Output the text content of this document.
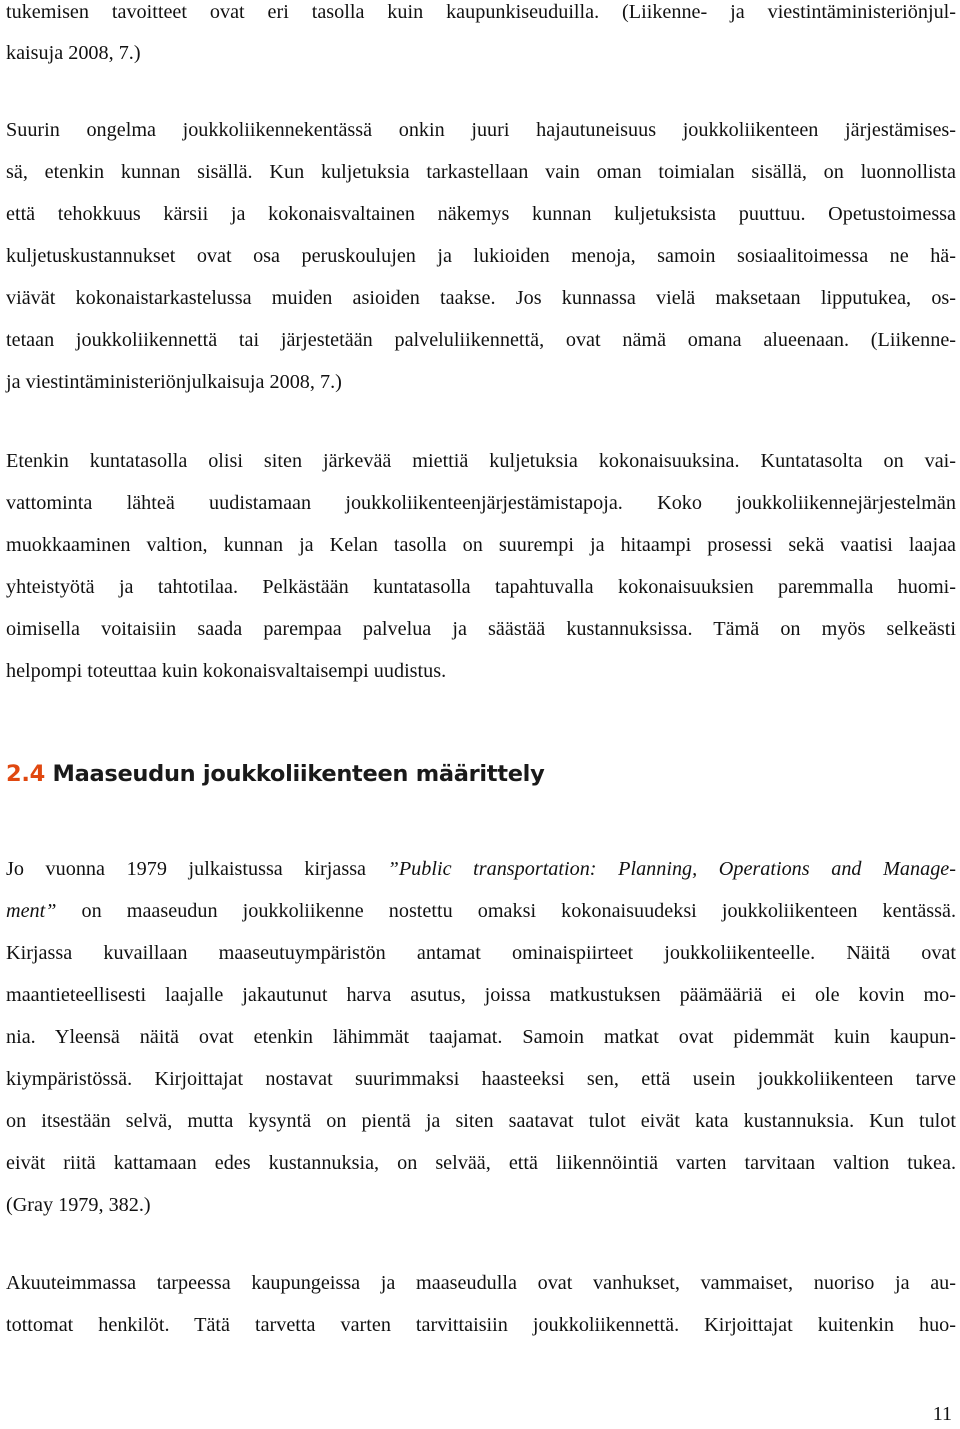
tukemisen tavoitteet ovat eri tasolla kuin kaupunkiseuduilla. (Liikenne- ja viestintäministeriönjul-
kaisuja 2008, 7.)
Suurin ongelma joukkoliikennekentässä onkin juuri hajautuneisuus joukkoliikenteen järjestämises-
sä, etenkin kunnan sisällä. Kun kuljetuksia tarkastellaan vain oman toimialan sisällä, on luonnollista
että tehokkuus kärsii ja kokonaisvaltainen näkemys kunnan kuljetuksista puuttuu. Opetustoimessa
kuljetuskustannukset ovat osa peruskoulujen ja lukioiden menoja, samoin sosiaalitoimessa ne hä-
viävät kokonaistarkastelussa muiden asioiden taakse. Jos kunnassa vielä maksetaan lipputukea, os-
tetaan joukkoliikennettä tai järjestetään palveluliikennettä, ovat nämä omana alueenaan. (Liikenne-
ja viestintäministeriönjulkaisuja 2008, 7.)
Etenkin kuntatasolla olisi siten järkevää miettiä kuljetuksia kokonaisuuksina. Kuntatasolta on vai-
vattominta lähteä uudistamaan joukkoliikenteenjärjestämistapoja. Koko joukkoliikennejärjestelmän
muokkaaminen valtion, kunnan ja Kelan tasolla on suurempi ja hitaampi prosessi sekä vaatisi laajaa
yhteistyötä ja tahtotilaa. Pelkästään kuntatasolla tapahtuvalla kokonaisuuksien paremmalla huomi-
oimisella voitaisiin saada parempaa palvelua ja säästää kustannuksissa. Tämä on myös selkeästi
helpompi toteuttaa kuin kokonaisvaltaisempi uudistus.
2.4 Maaseudun joukkoliikenteen määrittely
Jo vuonna 1979 julkaistussa kirjassa ”Public transportation: Planning, Operations and Manage-
ment” on maaseudun joukkoliikenne nostettu omaksi kokonaisuudeksi joukkoliikenteen kentässä.
Kirjassa kuvaillaan maaseutuympäristön antamat ominaispiirteet joukkoliikenteelle. Näitä ovat
maantieteellisesti laajalle jakautunut harva asutus, joissa matkustuksen päämääriä ei ole kovin mo-
nia. Yleensä näitä ovat etenkin lähimmät taajamat. Samoin matkat ovat pidemmät kuin kaupun-
kiympäristössä. Kirjoittajat nostavat suurimmaksi haasteeksi sen, että usein joukkoliikenteen tarve
on itsestään selvä, mutta kysyntä on pientä ja siten saatavat tulot eivät kata kustannuksia. Kun tulot
eivät riitä kattamaan edes kustannuksia, on selvää, että liikennöintiä varten tarvitaan valtion tukea.
(Gray 1979, 382.)
Akuuteimmassa tarpeessa kaupungeissa ja maaseudulla ovat vanhukset, vammaiset, nuoriso ja au-
tottomat henkilöt. Tätä tarvetta varten tarvittaisiin joukkoliikennettä. Kirjoittajat kuitenkin huo-
11
